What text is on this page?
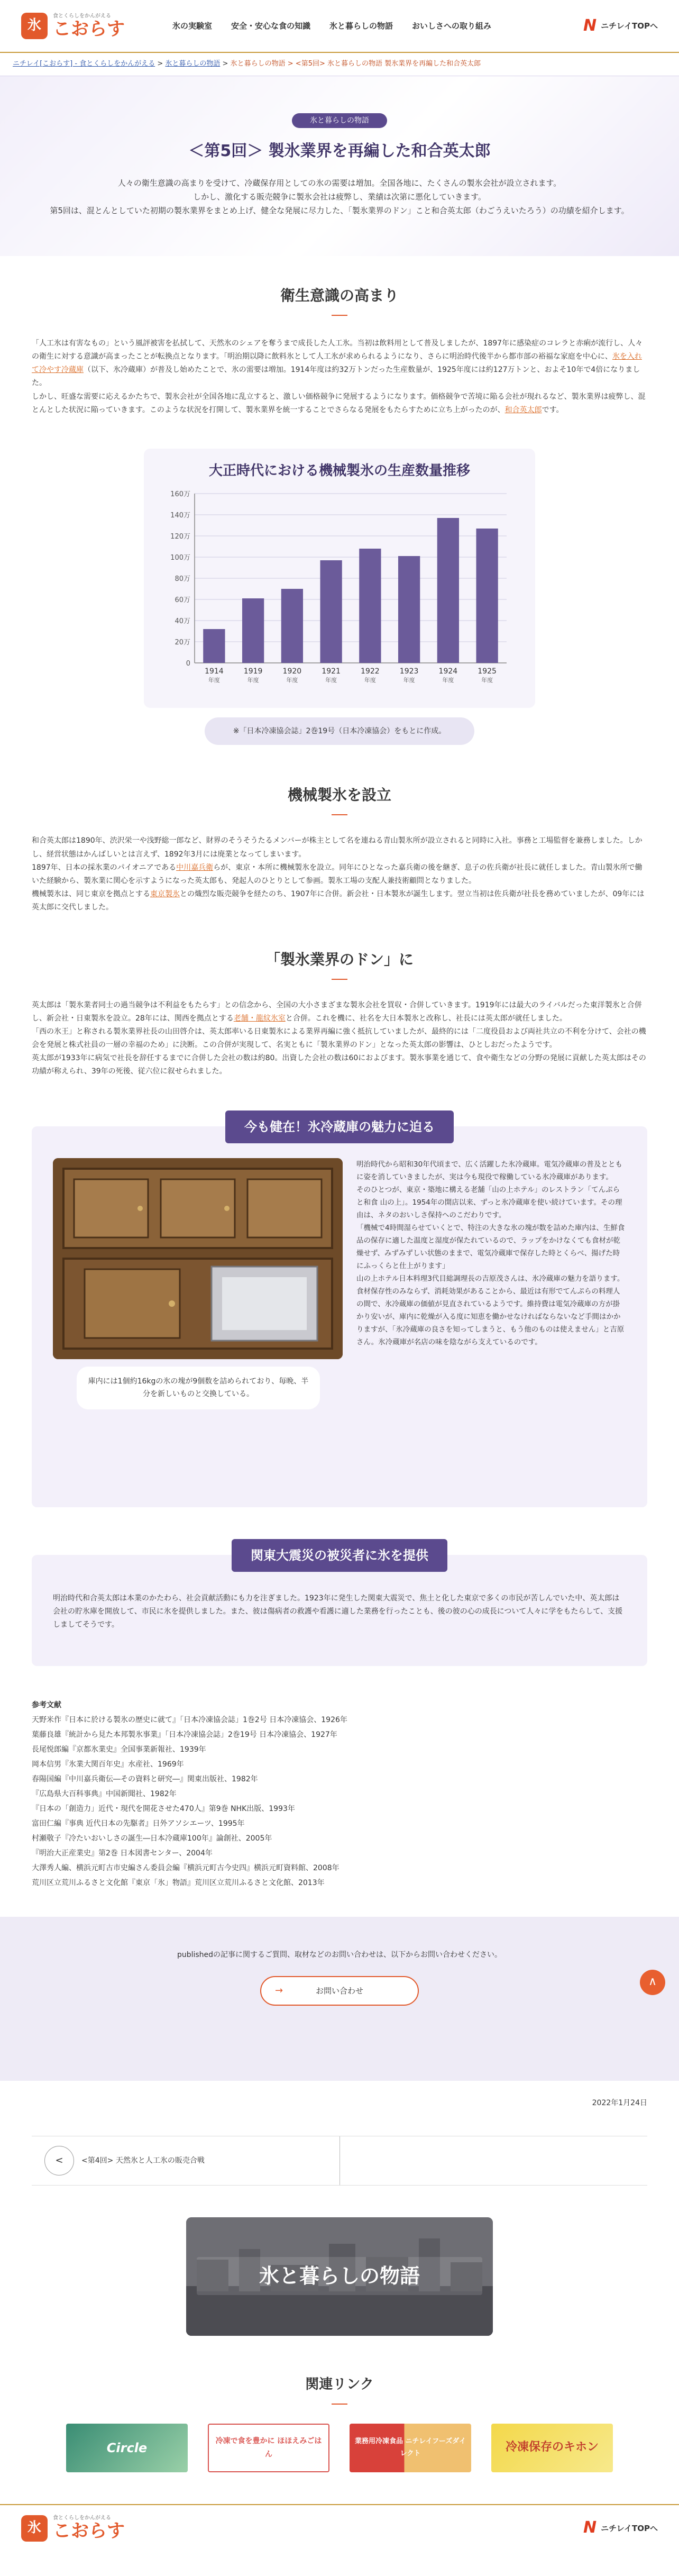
氷
食とくらしをかんがえる
こおらす	氷の実験室 安全・安心な食の知識 氷と暮らしの物語 おいしさへの取り組み	N ニチレイTOPへ
ニチレイ[こおらす] - 食とくらしをかんがえる > 氷と暮らしの物語 > 氷と暮らしの物語 > <第5回> 氷と暮らしの物語 製氷業界を再編した和合英太郎
氷と暮らしの物語
＜第5回＞ 製氷業界を再編した和合英太郎

人々の衛生意識の高まりを受けて、冷蔵保存用としての氷の需要は増加。全国各地に、たくさんの製氷会社が設立されます。

しかし、激化する販売競争に製氷会社は疲弊し、業績は次第に悪化していきます。

第5回は、混とんとしていた初期の製氷業界をまとめ上げ、健全な発展に尽力した、「製氷業界のドン」こと和合英太郎（わごうえいたろう）の功績を紹介します。

衛生意識の高まり

「人工氷は有害なもの」という風評被害を払拭して、天然氷のシェアを奪うまで成長した人工氷。当初は飲料用として普及しましたが、1897年に感染症のコレラと赤痢が流行し、人々の衛生に対する意識が高まったことが転換点となります。「明治期以降に飲料氷として人工氷が求められるようになり、さらに明治時代後半から都市部の裕福な家庭を中心に、氷を入れて冷やす冷蔵庫（以下、氷冷蔵庫）が普及し始めたことで、氷の需要は増加。1914年度は約32万トンだった生産数量が、1925年度には約127万トンと、およそ10年で4倍になりました。

しかし、旺盛な需要に応えるかたちで、製氷会社が全国各地に乱立すると、激しい価格競争に発展するようになります。価格競争で苦境に陥る会社が現れるなど、製氷業界は疲弊し、混とんとした状況に陥っていきます。このような状況を打開して、製氷業界を統一することでさらなる発展をもたらすために立ち上がったのが、和合英太郎です。

大正時代における機械製氷の生産数量推移
0
20万
40万
60万
80万
100万
120万
140万
160万
1914
年度
1919
年度
1920
年度
1921
年度
1922
年度
1923
年度
1924
年度
1925
年度
※「日本冷凍協会誌」2巻19号（日本冷凍協会）をもとに作成。
機械製氷を設立

和合英太郎は1890年、渋沢栄一や浅野総一郎など、財界のそうそうたるメンバーが株主として名を連ねる青山製氷所が設立されると同時に入社。事務と工場監督を兼務しました。しかし、経営状態はかんばしいとは言えず、1892年3月には廃業となってしまいます。

1897年、日本の採氷業のパイオニアである中川嘉兵衛らが、東京・本所に機械製氷を設立。同年にひとなった嘉兵衛の後を継ぎ、息子の佐兵衛が社長に就任しました。青山製氷所で働いた経験から、製氷業に関心を示すようになった英太郎も、発起人のひとりとして参画。製氷工場の支配人兼技術顧問となりました。

機械製氷は、同じ東京を拠点とする東京製氷との熾烈な販売競争を経たのち、1907年に合併。新会社・日本製氷が誕生します。翌立当初は佐兵衛が社長を務めていましたが、09年には英太郎に交代しました。

「製氷業界のドン」に

英太郎は「製氷業者同士の過当競争は不利益をもたらす」との信念から、全国の大小さまざまな製氷会社を買収・合併していきます。1919年には最大のライバルだった東洋製氷と合併し、新会社・日東製氷を設立。28年には、関西を拠点とする老舗・龍紋氷室と合併。これを機に、社名を大日本製氷と改称し、社長には英太郎が就任しました。

「西の氷王」と称される製氷業界社長の山田啓介は、英太郎率いる日東製氷による業界再編に強く抵抗していましたが、最終的には「二度役員および両社共立の不利を分けて、会社の機会を発展と株式社員の一層の幸福のため」に決断。この合併が実現して、名実ともに「製氷業界のドン」となった英太郎の影響は、ひとしおだったようです。

英太郎が1933年に病気で社長を辞任するまでに合併した会社の数は約80。出資した会社の数は60におよびます。製氷事業を通じて、食や衛生などの分野の発展に貢献した英太郎はその功績が称えられ、39年の死後、従六位に叙せられました。

今も健在！氷冷蔵庫の魅力に迫る
庫内には1個約16kgの氷の塊が9個数を詰められており、毎晩、半分を新しいものと交換している。

明治時代から昭和30年代頃まで、広く活躍した氷冷蔵庫。電気冷蔵庫の普及とともに姿を消していきましたが、実は今も現役で稼働している氷冷蔵庫があります。

そのひとつが、東京・築地に構える老舗「山の上ホテル」のレストラン「てんぷらと和食 山の上」。1954年の開店以来、ずっと氷冷蔵庫を使い続けています。その理由は、ネタのおいしさ保持へのこだわりです。

「機械で4時間湿らせていくとで、特注の大きな氷の塊が数を詰めた庫内は、生鮮食品の保存に適した温度と湿度が保たれているので、ラップをかけなくても食材が乾燥せず、みずみずしい状態のままで、電気冷蔵庫で保存した時とくらべ、揚げた時にふっくらと仕上がります」

山の上ホテル日本料理3代目総調理長の吉原茂さんは、氷冷蔵庫の魅力を語ります。

食材保存性のみならず、消耗効果があることから、最近は有形でてんぷらの料理人の間で、氷冷蔵庫の価値が見直されているようです。維持費は電気冷蔵庫の方が掛かり安いが、庫内に乾燥が入る度に知恵を働かせなければならないなど手間はかかりますが、「氷冷蔵庫の良さを知ってしまうと、もう他のものは使えません」と吉原さん。氷冷蔵庫が名店の味を陰ながら支えているのです。

関東大震災の被災者に氷を提供

明治時代和合英太郎は本業のかたわら、社会貢献活動にも力を注ぎました。1923年に発生した関東大震災で、焦土と化した東京で多くの市民が苦しんでいた中、英太郎は会社の貯氷庫を開放して、市民に氷を提供しました。また、彼は傷病者の救護や看護に適した業務を行ったことも、後の彼の心の成長について人々に学をもたらして、支援しましてそうです。

参考文献

天野米作『日本に於ける製氷の歴史に就て』「日本冷凍協会誌」1巻2号 日本冷凍協会、1926年

葉藤良雄『統計から見た本邦製氷事業』「日本冷凍協会誌」2巻19号 日本冷凍協会、1927年

長尾悦郎編『京都氷業史』全国事業新報社、1939年

岡本信男『氷業大関百年史』水産社、1969年

春陽国編『中川嘉兵衛伝―その資料と研究―』関東出版社、1982年

『広島県大百科事典』中国新聞社、1982年

『日本の「創造力」近代・現代を開花させた470人』第9巻 NHK出版、1993年

富田仁編『事典 近代日本の先駆者』日外アソシエーツ、1995年

村瀬敬子『冷たいおいしさの誕生―日本冷蔵庫100年』論創社、2005年

『明治大正産業史』第2巻 日本図書センター、2004年

大澤秀人編、横浜元町古市史編さん委員会編『横浜元町古今史四』横浜元町資料館、2008年

荒川区立荒川ふるさと文化館『東京「氷」物語』荒川区立荒川ふるさと文化館、2013年

publishedの記事に関するご質問、取材などのお問い合わせは、以下からお問い合わせください。

→	お問い合わせ
∧
2022年1月24日
<	<第4回> 天然氷と人工氷の販売合戦
氷と暮らしの物語
関連リンク
Circle	冷凍で食を豊かに ほほえみごはん
業務用冷凍食品 ニチレイフーズダイレクト	冷凍保存のキホン
氷
食とくらしをかんがえる
こおらす	N ニチレイTOPへ
